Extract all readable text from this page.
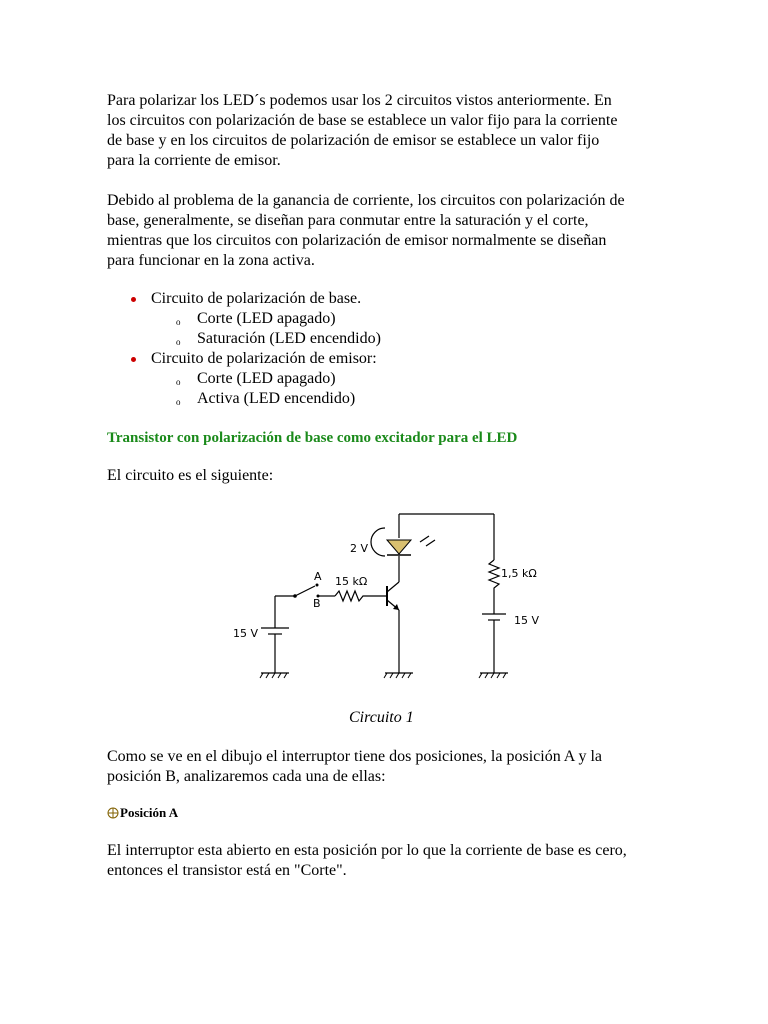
Para polarizar los LED´s podemos usar los 2 circuitos vistos anteriormente. En
los circuitos con polarización de base se establece un valor fijo para la corriente
de base y en los circuitos de polarización de emisor se establece un valor fijo
para la corriente de emisor.

Debido al problema de la ganancia de corriente, los circuitos con polarización de
base, generalmente, se diseñan para conmutar entre la saturación y el corte,
mientras que los circuitos con polarización de emisor normalmente se diseñan
para funcionar en la zona activa.

Circuito de polarización de base.
o Corte (LED apagado)
o Saturación (LED encendido)
Circuito de polarización de emisor:
o Corte (LED apagado)
o Activa (LED encendido)
Transistor con polarización de base como excitador para el LED

El circuito es el siguiente:

2 V
A
B
15 kΩ
1,5 kΩ
15 V
15 V
Circuito 1

Como se ve en el dibujo el interruptor tiene dos posiciones, la posición A y la
posición B, analizaremos cada una de ellas:

Posición A

El interruptor esta abierto en esta posición por lo que la corriente de base es cero,
entonces el transistor está en "Corte".
